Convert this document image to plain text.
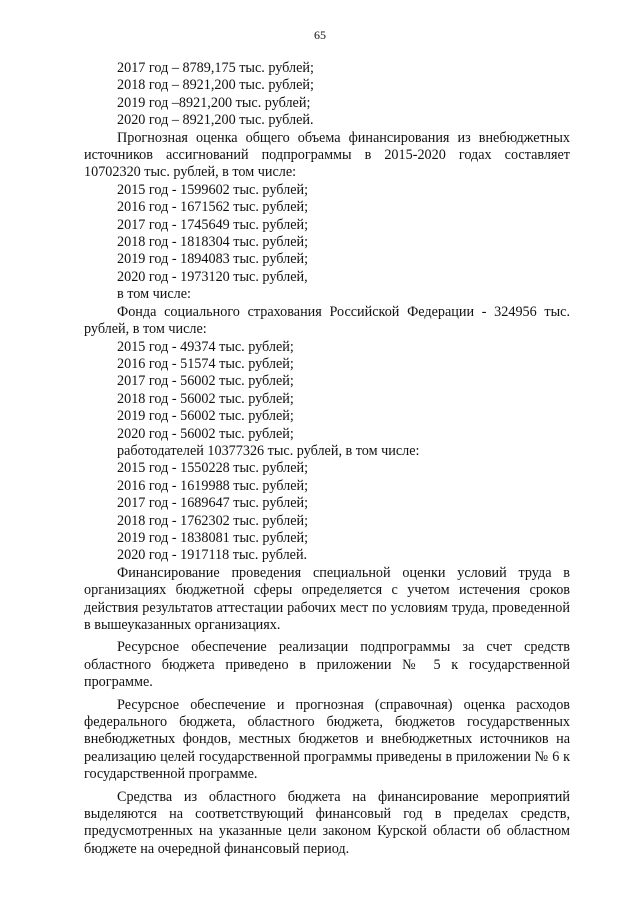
65
2017 год – 8789,175 тыс. рублей;
2018 год – 8921,200 тыс. рублей;
2019 год –8921,200 тыс. рублей;
2020 год – 8921,200 тыс. рублей.

Прогнозная оценка общего объема финансирования из внебюджетных источников ассигнований подпрограммы в 2015-2020 годах составляет 10702320 тыс. рублей, в том числе:

2015 год - 1599602 тыс. рублей;
2016 год - 1671562 тыс. рублей;
2017 год - 1745649 тыс. рублей;
2018 год - 1818304 тыс. рублей;
2019 год - 1894083 тыс. рублей;
2020 год - 1973120 тыс. рублей,
в том числе:

Фонда социального страхования Российской Федерации - 324956 тыс. рублей, в том числе:

2015 год - 49374 тыс. рублей;
2016 год - 51574 тыс. рублей;
2017 год - 56002 тыс. рублей;
2018 год - 56002 тыс. рублей;
2019 год - 56002 тыс. рублей;
2020 год - 56002 тыс. рублей;
работодателей 10377326 тыс. рублей, в том числе:
2015 год - 1550228 тыс. рублей;
2016 год - 1619988 тыс. рублей;
2017 год - 1689647 тыс. рублей;
2018 год - 1762302 тыс. рублей;
2019 год - 1838081 тыс. рублей;
2020 год - 1917118 тыс. рублей.

Финансирование проведения специальной оценки условий труда в организациях бюджетной сферы определяется с учетом истечения сроков действия результатов аттестации рабочих мест по условиям труда, проведенной в вышеуказанных организациях.

Ресурсное обеспечение реализации подпрограммы за счет средств областного бюджета приведено в приложении № 5 к государственной программе.

Ресурсное обеспечение и прогнозная (справочная) оценка расходов федерального бюджета, областного бюджета, бюджетов государственных внебюджетных фондов, местных бюджетов и внебюджетных источников на реализацию целей государственной программы приведены в приложении № 6 к государственной программе.

Средства из областного бюджета на финансирование мероприятий выделяются на соответствующий финансовый год в пределах средств, предусмотренных на указанные цели законом Курской области об областном бюджете на очередной финансовый период.
